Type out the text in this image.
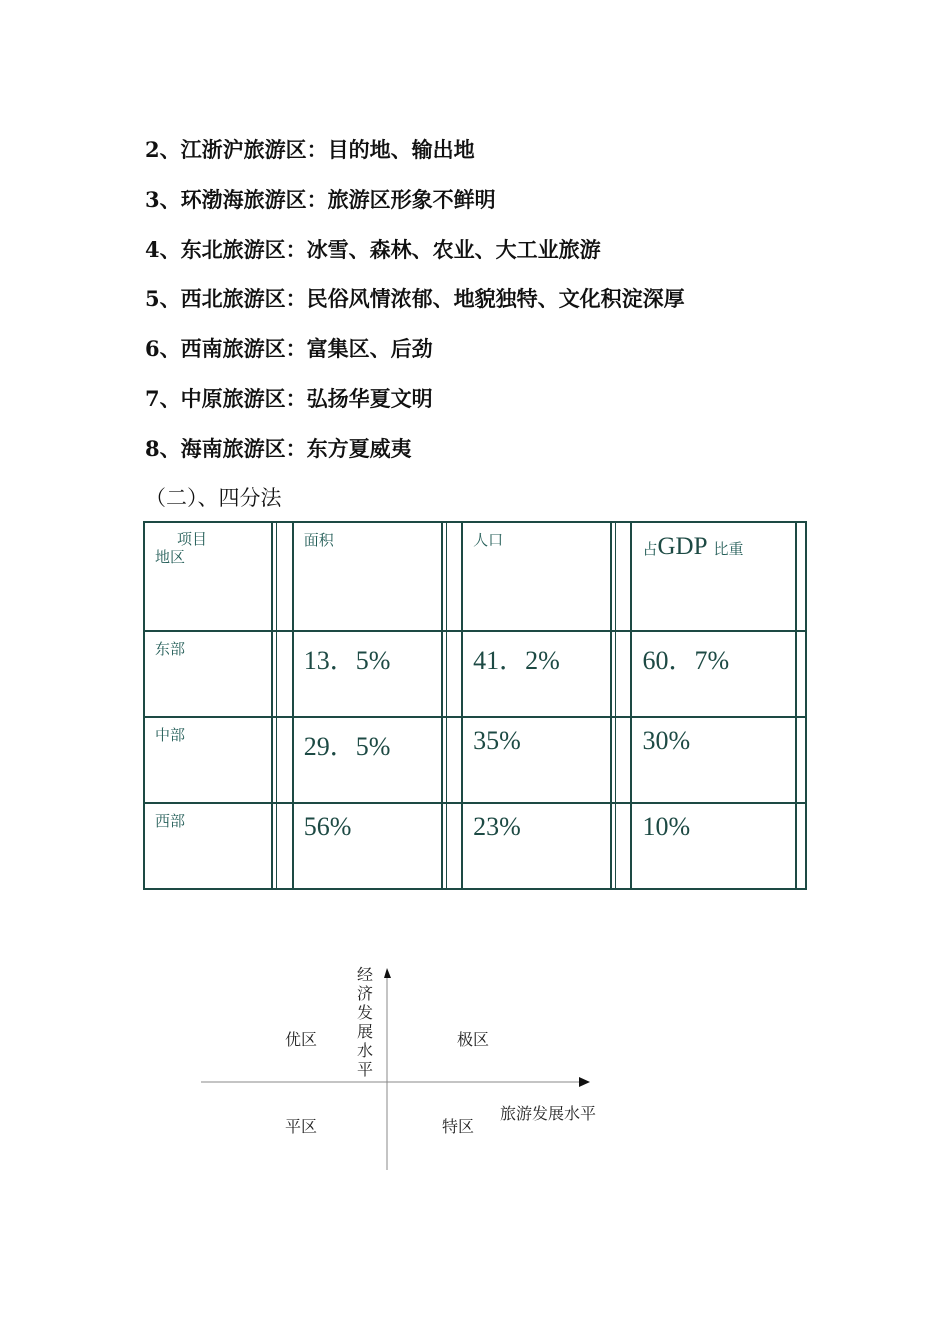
2、江浙沪旅游区：目的地、输出地
3、环渤海旅游区：旅游区形象不鲜明
4、东北旅游区：冰雪、森林、农业、大工业旅游
5、西北旅游区：民俗风情浓郁、地貌独特、文化积淀深厚
6、西南旅游区：富集区、后劲
7、中原旅游区：弘扬华夏文明
8、海南旅游区：东方夏威夷
（二）、四分法
项目
地区		面积		人口		占GDP 比重	

东部		13．5%		41．2%		60．7%	

中部		29．5%		35%		30%	

西部		56%		23%		10%	

经
济
发
展
水
平
优区	极区
平区	特区
旅游发展水平
